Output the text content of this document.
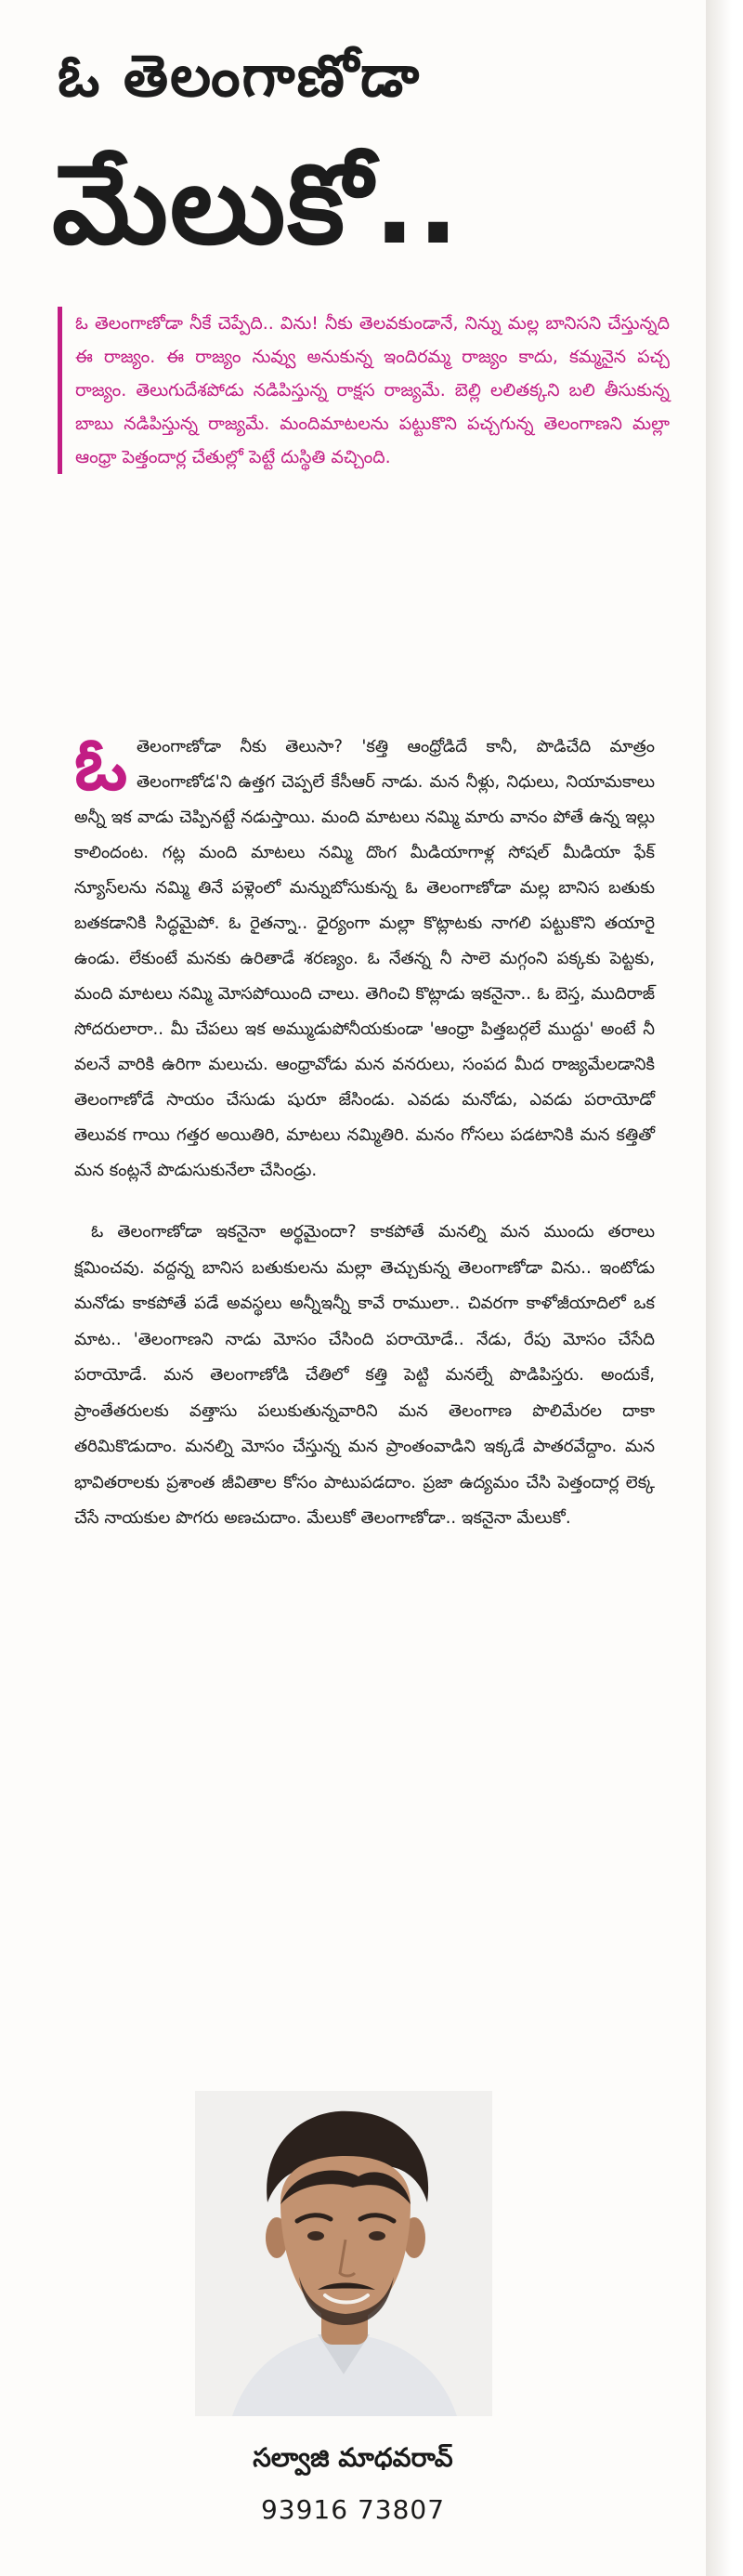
ఓ తెలంగాణోడా
మేలుకో..

ఓ తెలంగాణోడా నీకే చెప్పేది.. విను! నీకు తెలవకుండానే, నిన్ను మల్ల బానిసని చేస్తున్నది ఈ రాజ్యం. ఈ రాజ్యం నువ్వు అనుకున్న ఇందిరమ్మ రాజ్యం కాదు, కమ్మనైన పచ్చ రాజ్యం. తెలుగుదేశపోడు నడిపిస్తున్న రాక్షస రాజ్యమే. బెల్లి లలితక్కని బలి తీసుకున్న బాబు నడిపిస్తున్న రాజ్యమే. మందిమాటలను పట్టుకొని పచ్చగున్న తెలంగాణని మల్లా ఆంధ్రా పెత్తందార్ల చేతుల్లో పెట్టే దుస్థితి వచ్చింది.

ఓ తెలంగాణోడా నీకు తెలుసా? 'కత్తి ఆంధ్రోడిదే కానీ, పొడిచేది మాత్రం తెలంగాణోడ'ని ఉత్తగ చెప్పలే కేసీఆర్ నాడు. మన నీళ్లు, నిధులు, నియామకాలు అన్నీ ఇక వాడు చెప్పినట్టే నడుస్తాయి. మంది మాటలు నమ్మి మారు వానం పోతే ఉన్న ఇల్లు కాలిందంట. గట్ల మంది మాటలు నమ్మి దొంగ మీడియాగాళ్ల సోషల్ మీడియా ఫేక్ న్యూస్‌లను నమ్మి తినే పళ్లెంలో మన్నుబోసుకున్న ఓ తెలంగాణోడా మల్ల బానిస బతుకు బతకడానికి సిద్ధమైపో. ఓ రైతన్నా.. ధైర్యంగా మల్లా కొట్లాటకు నాగలి పట్టుకొని తయారై ఉండు. లేకుంటే మనకు ఉరితాడే శరణ్యం. ఓ నేతన్న నీ సాలె మగ్గంని పక్కకు పెట్టకు, మంది మాటలు నమ్మి మోసపోయింది చాలు. తెగించి కొట్లాడు ఇకనైనా.. ఓ బెస్త, ముదిరాజ్ సోదరులారా.. మీ చేపలు ఇక అమ్ముడుపోనీయకుండా 'ఆంధ్రా పిత్తబర్గలే ముద్దు' అంటే నీ వలనే వారికి ఉరిగా మలుచు. ఆంధ్రావోడు మన వనరులు, సంపద మీద రాజ్యమేలడానికి తెలంగాణోడే సాయం చేసుడు షురూ జేసిండు. ఎవడు మనోడు, ఎవడు పరాయోడో తెలువక గాయి గత్తర అయితిరి, మాటలు నమ్మితిరి. మనం గోసలు పడటానికి మన కత్తితో మన కంట్లనే పొడుసుకునేలా చేసిండ్రు.

ఓ తెలంగాణోడా ఇకనైనా అర్థమైందా? కాకపోతే మనల్ని మన ముందు తరాలు క్షమించవు. వద్దన్న బానిస బతుకులను మల్లా తెచ్చుకున్న తెలంగాణోడా విను.. ఇంటోడు మనోడు కాకపోతే పడే అవస్థలు అన్నీఇన్నీ కావే రాములా.. చివరగా కాళోజీయాదిలో ఒక మాట.. 'తెలంగాణని నాడు మోసం చేసింది పరాయోడే.. నేడు, రేపు మోసం చేసేది పరాయోడే. మన తెలంగాణోడి చేతిలో కత్తి పెట్టి మనల్నే పొడిపిస్తరు. అందుకే, ప్రాంతేతరులకు వత్తాసు పలుకుతున్నవారిని మన తెలంగాణ పొలిమేరల దాకా తరిమికొడుదాం. మనల్ని మోసం చేస్తున్న మన ప్రాంతంవాడిని ఇక్కడే పాతరవేద్దాం. మన భావితరాలకు ప్రశాంత జీవితాల కోసం పాటుపడదాం. ప్రజా ఉద్యమం చేసి పెత్తందార్ల లెక్క చేసే నాయకుల పొగరు అణచుదాం. మేలుకో తెలంగాణోడా.. ఇకనైనా మేలుకో.

సల్వాజి మాధవరావ్
93916 73807
